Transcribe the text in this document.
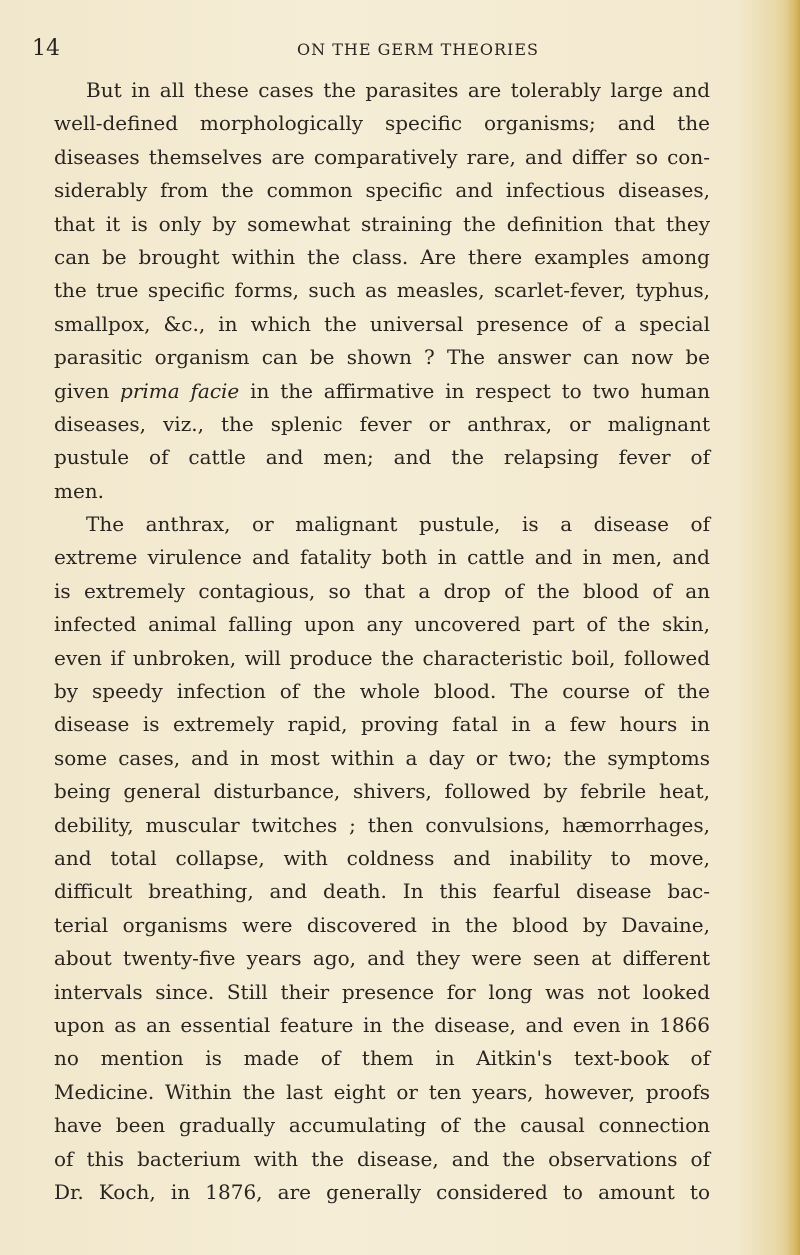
14	ON THE GERM THEORIES
But in all these cases the parasites are tolerably large and
well-defined morphologically specific organisms; and the
diseases themselves are comparatively rare, and differ so con-
siderably from the common specific and infectious diseases,
that it is only by somewhat straining the definition that they
can be brought within the class. Are there examples among
the true specific forms, such as measles, scarlet-fever, typhus,
smallpox, &c., in which the universal presence of a special
parasitic organism can be shown ? The answer can now be
given prima facie in the affirmative in respect to two human
diseases, viz., the splenic fever or anthrax, or malignant
pustule of cattle and men; and the relapsing fever of
men.
The anthrax, or malignant pustule, is a disease of
extreme virulence and fatality both in cattle and in men, and
is extremely contagious, so that a drop of the blood of an
infected animal falling upon any uncovered part of the skin,
even if unbroken, will produce the characteristic boil, followed
by speedy infection of the whole blood. The course of the
disease is extremely rapid, proving fatal in a few hours in
some cases, and in most within a day or two; the symptoms
being general disturbance, shivers, followed by febrile heat,
debility, muscular twitches ; then convulsions, hæmorrhages,
and total collapse, with coldness and inability to move,
difficult breathing, and death. In this fearful disease bac-
terial organisms were discovered in the blood by Davaine,
about twenty-five years ago, and they were seen at different
intervals since. Still their presence for long was not looked
upon as an essential feature in the disease, and even in 1866
no mention is made of them in Aitkin's text-book of
Medicine. Within the last eight or ten years, however, proofs
have been gradually accumulating of the causal connection
of this bacterium with the disease, and the observations of
Dr. Koch, in 1876, are generally considered to amount to
